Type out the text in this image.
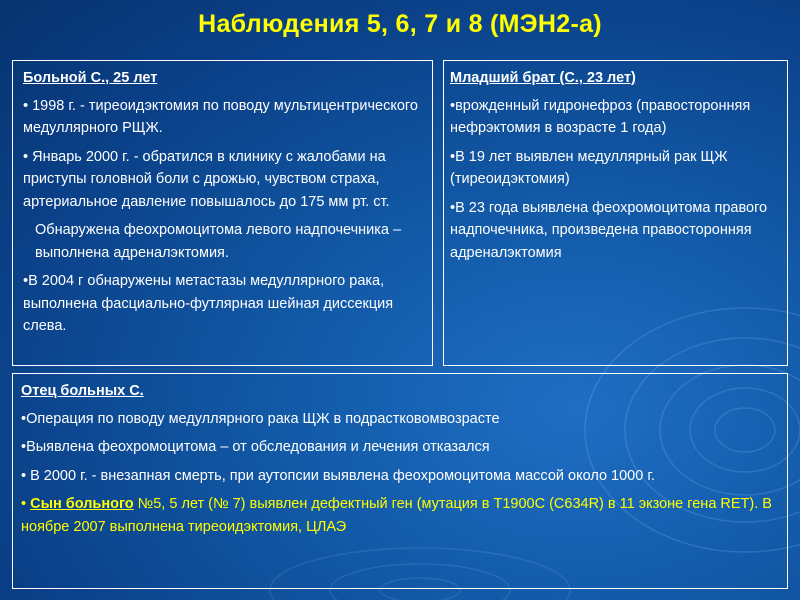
Наблюдения 5, 6, 7 и 8 (МЭН2-а)
Больной С., 25 лет
• 1998 г. - тиреоидэктомия по поводу мультицентрического медуллярного РЩЖ.
• Январь 2000 г. - обратился в клинику с жалобами на приступы головной боли с дрожью, чувством страха, артериальное давление повышалось до 175 мм рт. ст.
Обнаружена феохромоцитома левого надпочечника – выполнена адреналэктомия.
•В 2004 г обнаружены метастазы медуллярного рака, выполнена фасциально-футлярная шейная диссекция слева.
Младший брат (С., 23 лет)
•врожденный гидронефроз (правосторонняя нефрэктомия в возрасте 1 года)
•В 19 лет выявлен медуллярный рак ЩЖ (тиреоидэктомия)
•В 23 года выявлена феохромоцитома правого надпочечника, произведена правосторонняя адреналэктомия
Отец больных С.
•Операция по поводу медуллярного рака ЩЖ в подрастковомвозрасте
•Выявлена феохромоцитома – от обследования и лечения отказался
• В 2000 г. - внезапная смерть, при аутопсии выявлена феохромоцитома массой около 1000 г.
• Сын больного №5, 5 лет (№ 7) выявлен дефектный ген (мутация в Т1900С (С634R) в 11 экзоне гена RET). В ноябре 2007 выполнена тиреоидэктомия, ЦЛАЭ
